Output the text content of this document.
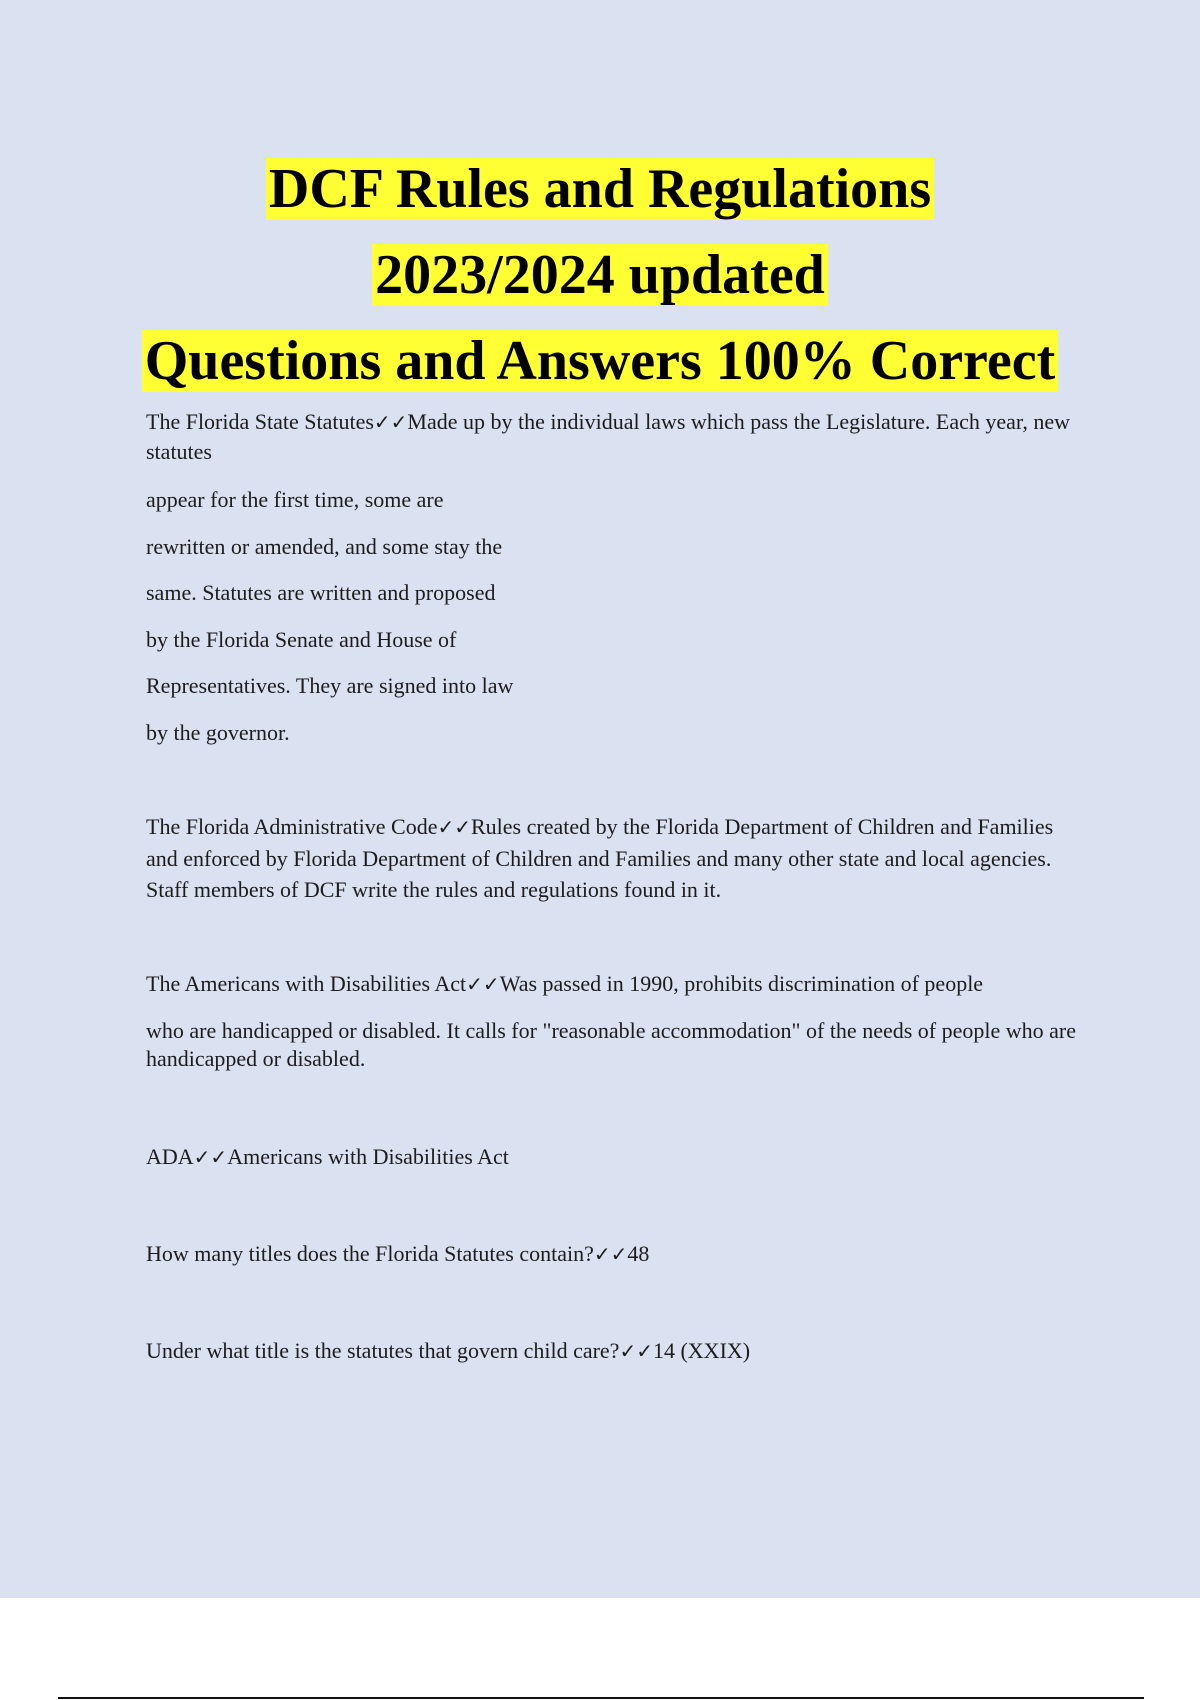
DCF Rules and Regulations
2023/2024 updated
Questions and Answers 100% Correct
The Florida State Statutes✓✓Made up by the individual laws which pass the Legislature. Each year, new statutes
appear for the first time, some are
rewritten or amended, and some stay the
same. Statutes are written and proposed
by the Florida Senate and House of
Representatives. They are signed into law
by the governor.
The Florida Administrative Code✓✓Rules created by the Florida Department of Children and Families and enforced by Florida Department of Children and Families and many other state and local agencies. Staff members of DCF write the rules and regulations found in it.
The Americans with Disabilities Act✓✓Was passed in 1990, prohibits discrimination of people
who are handicapped or disabled. It calls for "reasonable accommodation" of the needs of people who are handicapped or disabled.
ADA✓✓Americans with Disabilities Act
How many titles does the Florida Statutes contain?✓✓48
Under what title is the statutes that govern child care?✓✓14 (XXIX)
